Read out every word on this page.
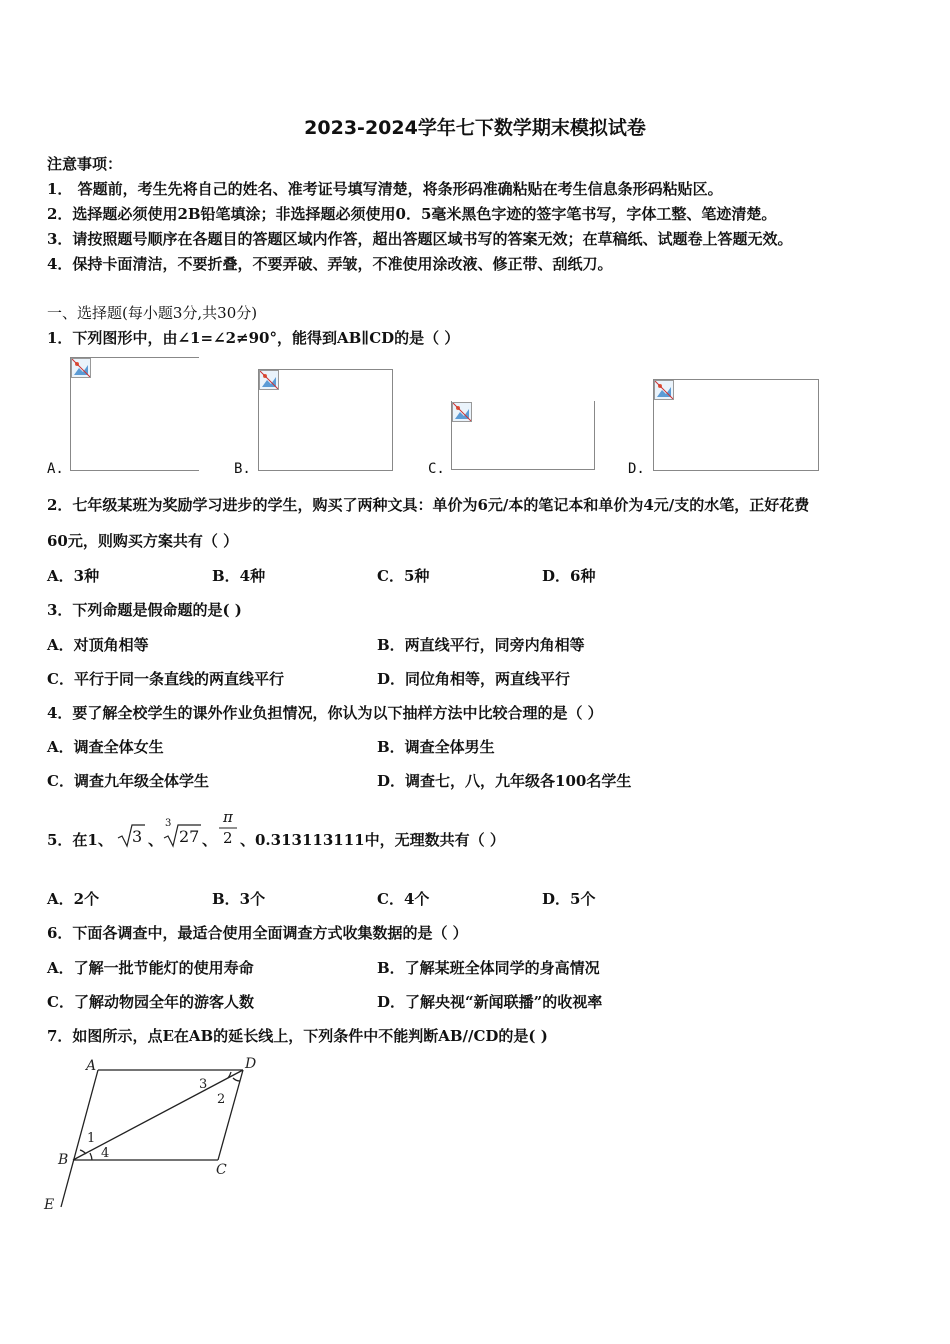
2023-2024学年七下数学期末模拟试卷
注意事项：
1． 答题前，考生先将自己的姓名、准考证号填写清楚，将条形码准确粘贴在考生信息条形码粘贴区。
2．选择题必须使用2B铅笔填涂；非选择题必须使用0．5毫米黑色字迹的签字笔书写，字体工整、笔迹清楚。
3．请按照题号顺序在各题目的答题区域内作答，超出答题区域书写的答案无效；在草稿纸、试题卷上答题无效。
4．保持卡面清洁，不要折叠，不要弄破、弄皱，不准使用涂改液、修正带、刮纸刀。
一、选择题(每小题3分,共30分)
1．下列图形中，由∠1=∠2≠90°，能得到AB∥CD的是（ ）
A.	B.	C.	D.
2．七年级某班为奖励学习进步的学生，购买了两种文具：单价为6元/本的笔记本和单价为4元/支的水笔，正好花费
60元，则购买方案共有（ ）
A．3种	B．4种	C．5种	D．6种
3．下列命题是假命题的是( )
A．对顶角相等	B．两直线平行，同旁内角相等
C．平行于同一条直线的两直线平行	D．同位角相等，两直线平行
4．要了解全校学生的课外作业负担情况，你认为以下抽样方法中比较合理的是（ ）
A．调查全体女生	B．调查全体男生
C．调查九年级全体学生	D．调查七，八，九年级各100名学生
5．在1、 3 、
3
27 、
π
2 、0.313113111中，无理数共有（ ）
A．2个	B．3个	C．4个	D．5个
6．下面各调查中，最适合使用全面调查方式收集数据的是（ ）
A．了解一批节能灯的使用寿命	B．了解某班全体同学的身高情况
C．了解动物园全年的游客人数	D．了解央视“新闻联播”的收视率
7．如图所示，点E在AB的延长线上，下列条件中不能判断AB//CD的是( )
A	D
B
C
E
1
4
3
2
